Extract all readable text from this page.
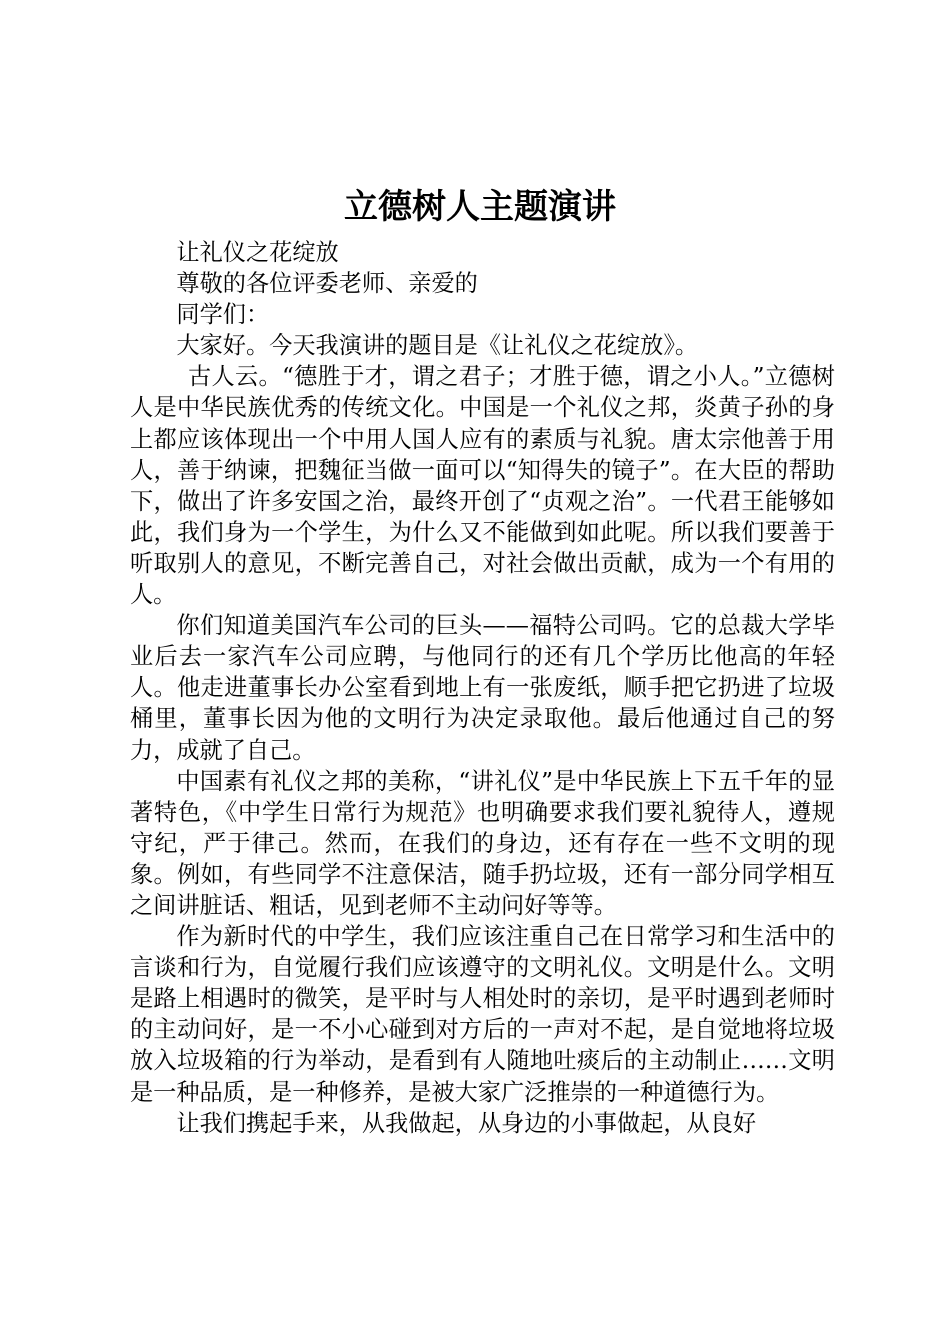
立德树人主题演讲

让礼仪之花绽放

尊敬的各位评委老师、亲爱的

同学们：

大家好。今天我演讲的题目是《让礼仪之花绽放》。

古人云。“德胜于才，谓之君子；才胜于德，谓之小人。”立德树人是中华民族优秀的传统文化。中国是一个礼仪之邦，炎黄子孙的身上都应该体现出一个中用人国人应有的素质与礼貌。唐太宗他善于用人，善于纳谏，把魏征当做一面可以“知得失的镜子”。在大臣的帮助下，做出了许多安国之治，最终开创了“贞观之治”。一代君王能够如此，我们身为一个学生，为什么又不能做到如此呢。所以我们要善于听取别人的意见，不断完善自己，对社会做出贡献，成为一个有用的人。

你们知道美国汽车公司的巨头——福特公司吗。它的总裁大学毕业后去一家汽车公司应聘，与他同行的还有几个学历比他高的年轻人。他走进董事长办公室看到地上有一张废纸，顺手把它扔进了垃圾桶里，董事长因为他的文明行为决定录取他。最后他通过自己的努力，成就了自己。

中国素有礼仪之邦的美称，“讲礼仪”是中华民族上下五千年的显著特色，《中学生日常行为规范》也明确要求我们要礼貌待人，遵规守纪，严于律己。然而，在我们的身边，还有存在一些不文明的现象。例如，有些同学不注意保洁，随手扔垃圾，还有一部分同学相互之间讲脏话、粗话，见到老师不主动问好等等。

作为新时代的中学生，我们应该注重自己在日常学习和生活中的言谈和行为，自觉履行我们应该遵守的文明礼仪。文明是什么。文明是路上相遇时的微笑，是平时与人相处时的亲切，是平时遇到老师时的主动问好，是一不小心碰到对方后的一声对不起，是自觉地将垃圾放入垃圾箱的行为举动，是看到有人随地吐痰后的主动制止……文明是一种品质，是一种修养，是被大家广泛推崇的一种道德行为。

让我们携起手来，从我做起，从身边的小事做起，从良好
